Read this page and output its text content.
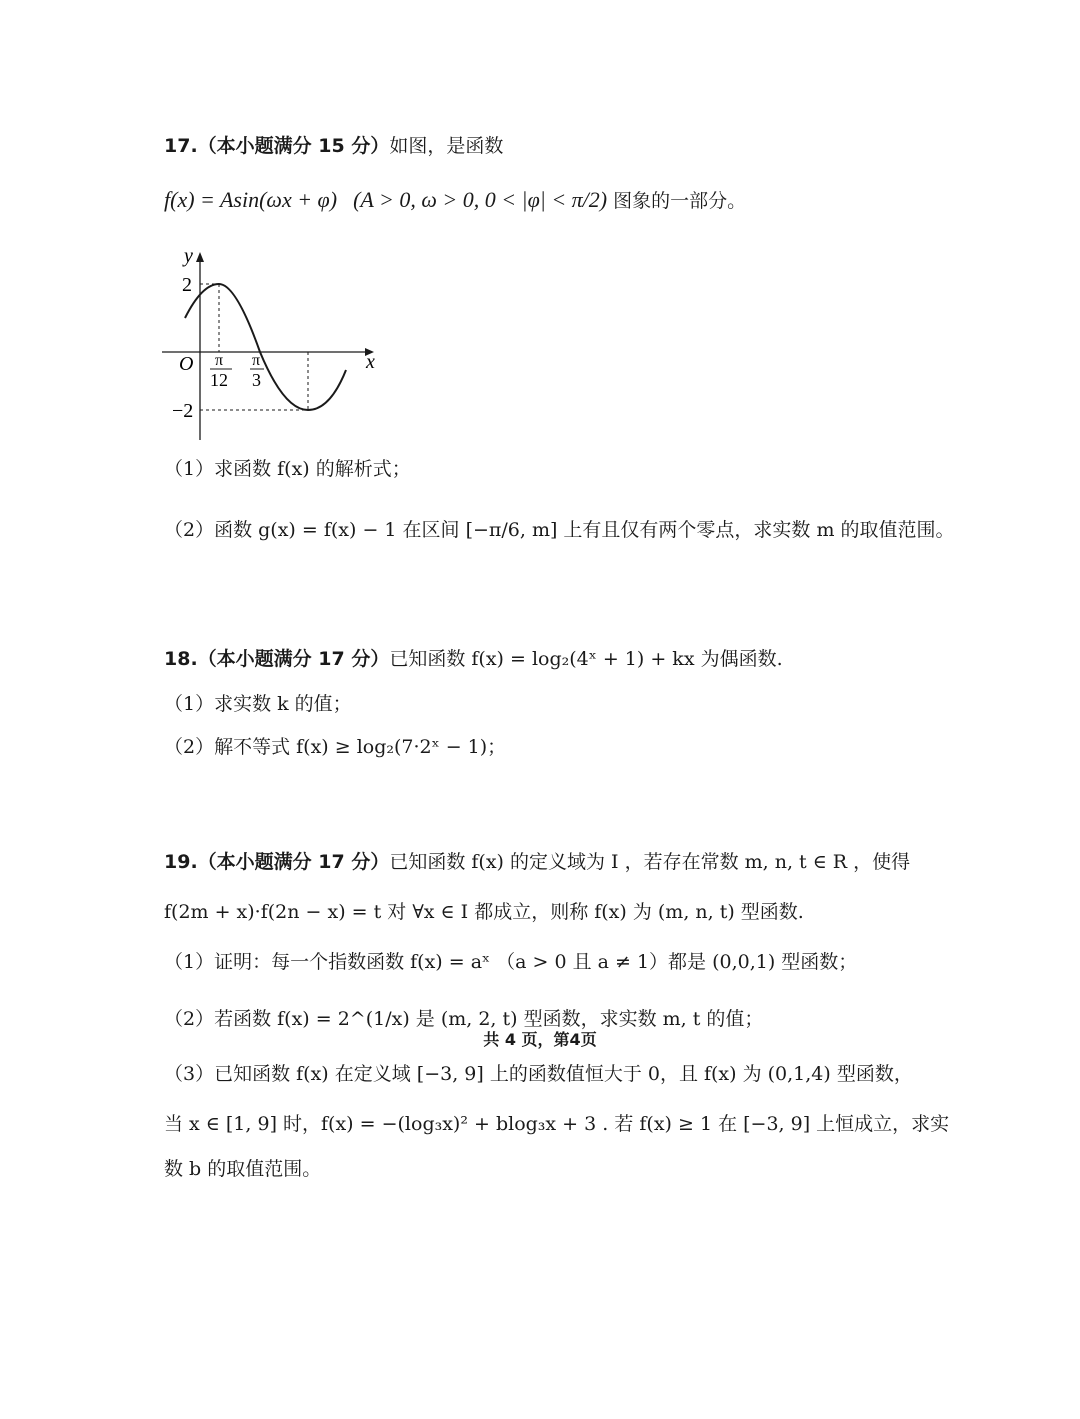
17.（本小题满分 15 分）如图，是函数
f(x) = Asin(ωx + φ) (A > 0, ω > 0, 0 < |φ| < π/2) 图象的一部分。
y
x
O
2
−2
π
12
π
3
（1）求函数 f(x) 的解析式；
（2）函数 g(x) = f(x) − 1 在区间 [−π/6, m] 上有且仅有两个零点，求实数 m 的取值范围。
18.（本小题满分 17 分）已知函数 f(x) = log₂(4ˣ + 1) + kx 为偶函数.
（1）求实数 k 的值；
（2）解不等式 f(x) ≥ log₂(7·2ˣ − 1)；
19.（本小题满分 17 分）已知函数 f(x) 的定义域为 I ，若存在常数 m, n, t ∈ R ，使得
f(2m + x)·f(2n − x) = t 对 ∀x ∈ I 都成立，则称 f(x) 为 (m, n, t) 型函数.
（1）证明：每一个指数函数 f(x) = aˣ （a > 0 且 a ≠ 1）都是 (0,0,1) 型函数；
（2）若函数 f(x) = 2^(1/x) 是 (m, 2, t) 型函数，求实数 m, t 的值；
（3）已知函数 f(x) 在定义域 [−3, 9] 上的函数值恒大于 0，且 f(x) 为 (0,1,4) 型函数，
当 x ∈ [1, 9] 时，f(x) = −(log₃x)² + blog₃x + 3 . 若 f(x) ≥ 1 在 [−3, 9] 上恒成立，求实
数 b 的取值范围。
共 4 页，第4页
